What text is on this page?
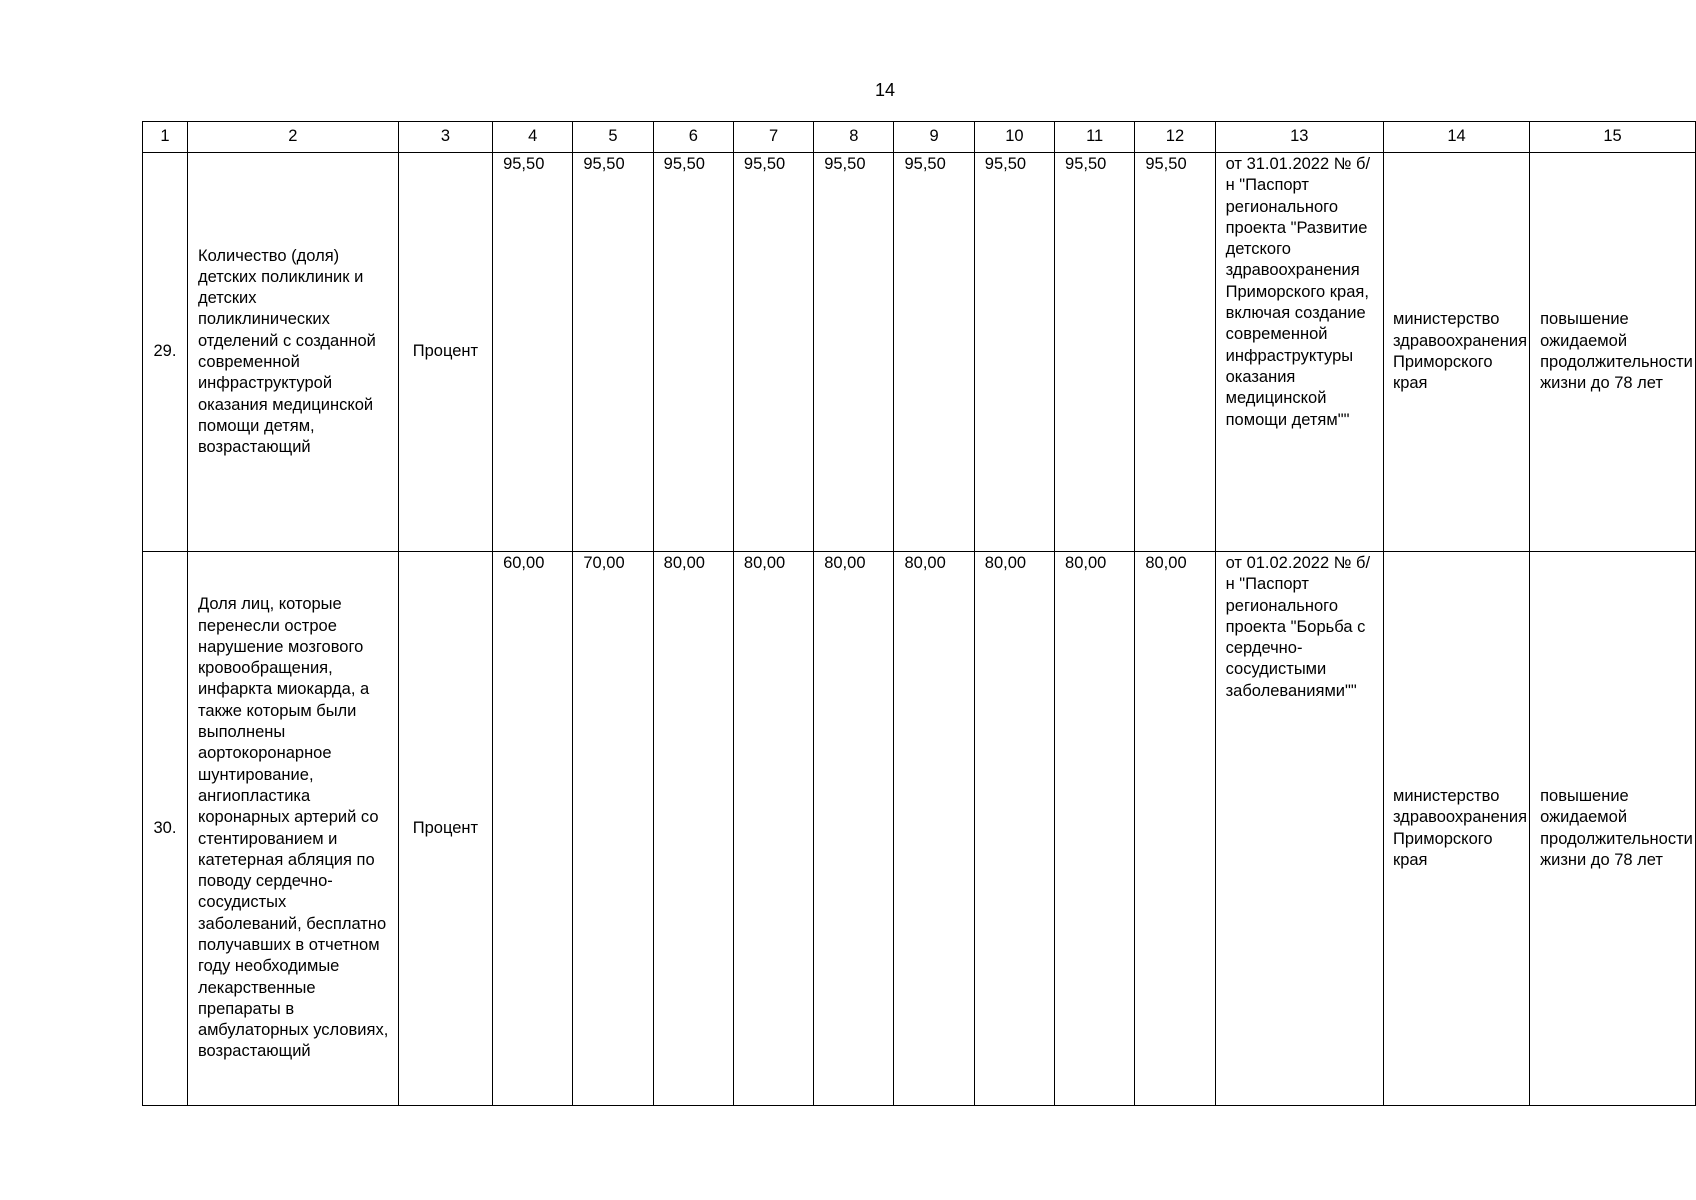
14
1	2	3	4	5	6	7	8	9	10	11	12	13	14	15
29.	Количество (доля) детских поликлиник и детских поликлинических отделений с созданной современной инфраструктурой оказания медицинской помощи детям, возрастающий	Процент	95,50	95,50	95,50	95,50	95,50	95,50	95,50	95,50	95,50	от 31.01.2022 № б/н "Паспорт регионального проекта "Развитие детского здравоохранения Приморского края, включая создание современной инфраструктуры оказания медицинской помощи детям""	министерство здравоохранения Приморского края	повышение ожидаемой продолжительности жизни до 78 лет
30.	Доля лиц, которые перенесли острое нарушение мозгового кровообращения, инфаркта миокарда, а также которым были выполнены аортокоронарное шунтирование, ангиопластика коронарных артерий со стентированием и катетерная абляция по поводу сердечно-сосудистых заболеваний, бесплатно получавших в отчетном году необходимые лекарственные препараты в амбулаторных условиях, возрастающий	Процент	60,00	70,00	80,00	80,00	80,00	80,00	80,00	80,00	80,00	от 01.02.2022 № б/н "Паспорт регионального проекта "Борьба с сердечно-сосудистыми заболеваниями""	министерство здравоохранения Приморского края	повышение ожидаемой продолжительности жизни до 78 лет
